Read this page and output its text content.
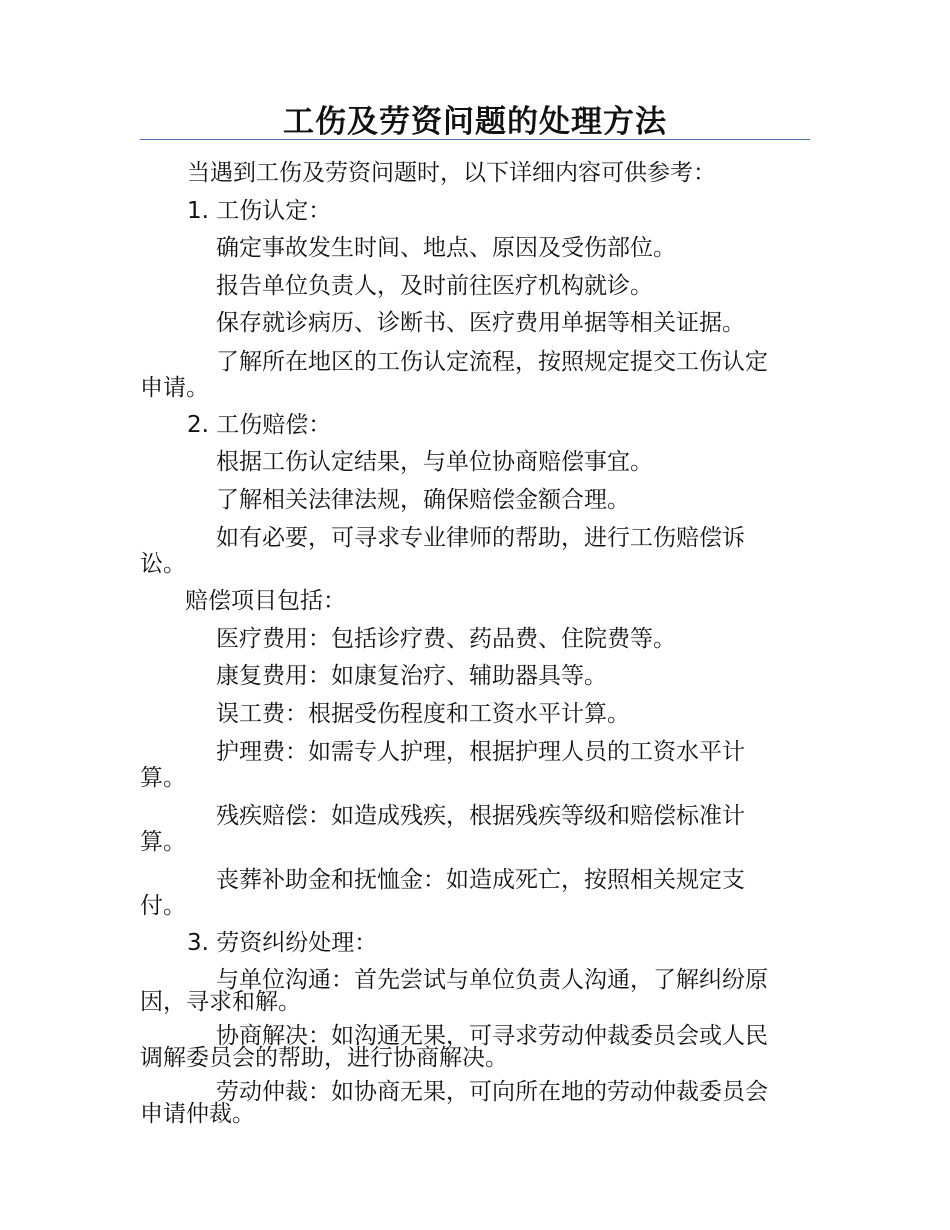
工伤及劳资问题的处理方法
当遇到工伤及劳资问题时，以下详细内容可供参考：
1. 工伤认定：
确定事故发生时间、地点、原因及受伤部位。
报告单位负责人，及时前往医疗机构就诊。
保存就诊病历、诊断书、医疗费用单据等相关证据。
了解所在地区的工伤认定流程，按照规定提交工伤认定申请。
2. 工伤赔偿：
根据工伤认定结果，与单位协商赔偿事宜。
了解相关法律法规，确保赔偿金额合理。
如有必要，可寻求专业律师的帮助，进行工伤赔偿诉讼。
赔偿项目包括：
医疗费用：包括诊疗费、药品费、住院费等。
康复费用：如康复治疗、辅助器具等。
误工费：根据受伤程度和工资水平计算。
护理费：如需专人护理，根据护理人员的工资水平计算。
残疾赔偿：如造成残疾，根据残疾等级和赔偿标准计算。
丧葬补助金和抚恤金：如造成死亡，按照相关规定支付。
3. 劳资纠纷处理：
与单位沟通：首先尝试与单位负责人沟通，了解纠纷原因，寻求和解。
协商解决：如沟通无果，可寻求劳动仲裁委员会或人民调解委员会的帮助，进行协商解决。
劳动仲裁：如协商无果，可向所在地的劳动仲裁委员会申请仲裁。
